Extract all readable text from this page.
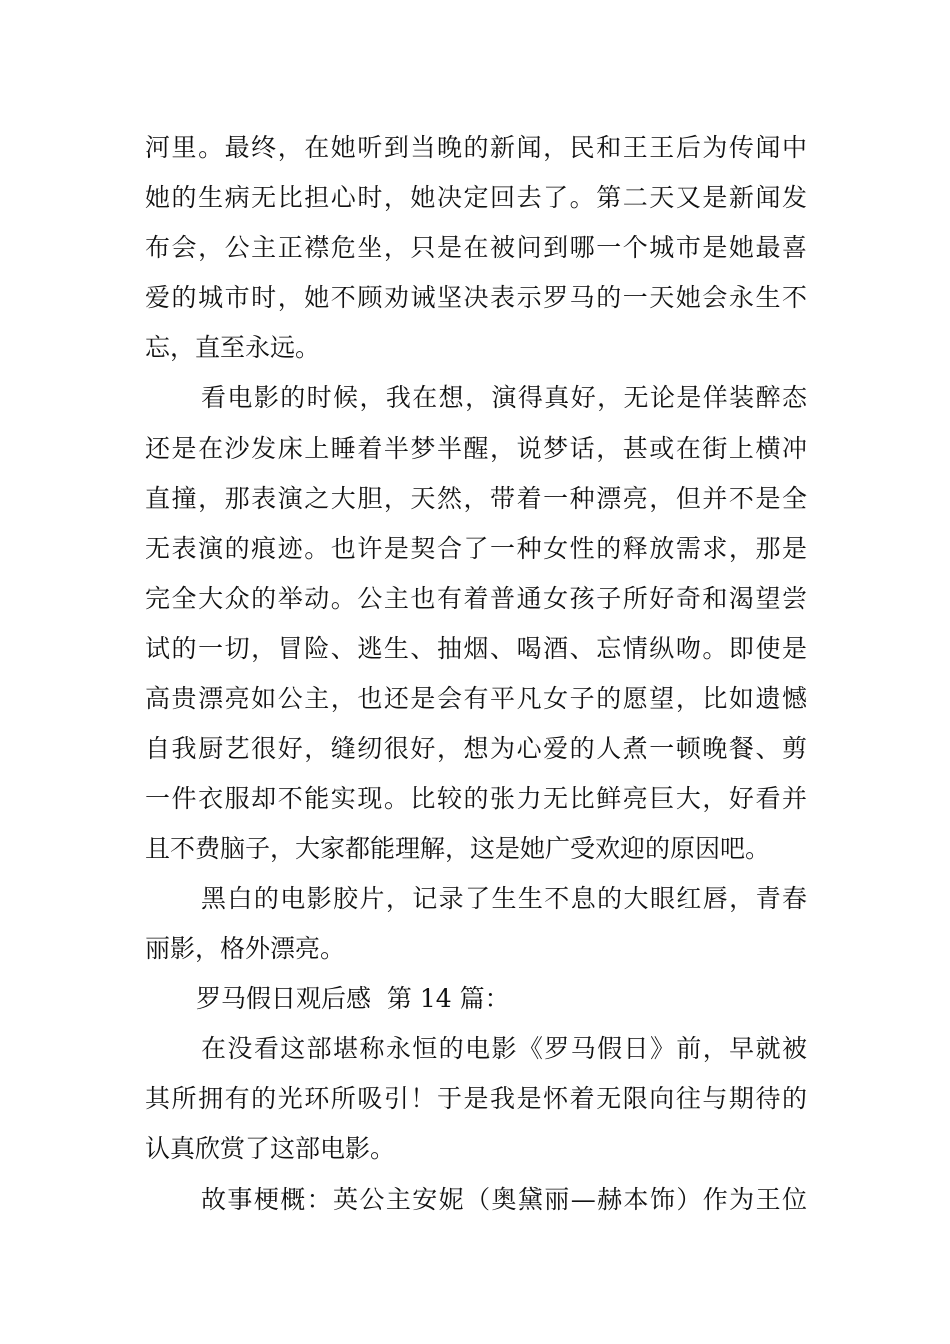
河里。最终，在她听到当晚的新闻，民和王王后为传闻中
她的生病无比担心时，她决定回去了。第二天又是新闻发
布会，公主正襟危坐，只是在被问到哪一个城市是她最喜
爱的城市时，她不顾劝诫坚决表示罗马的一天她会永生不
忘，直至永远。
看电影的时候，我在想，演得真好，无论是佯装醉态
还是在沙发床上睡着半梦半醒，说梦话，甚或在街上横冲
直撞，那表演之大胆，天然，带着一种漂亮，但并不是全
无表演的痕迹。也许是契合了一种女性的释放需求，那是
完全大众的举动。公主也有着普通女孩子所好奇和渴望尝
试的一切，冒险、逃生、抽烟、喝酒、忘情纵吻。即使是
高贵漂亮如公主，也还是会有平凡女子的愿望，比如遗憾
自我厨艺很好，缝纫很好，想为心爱的人煮一顿晚餐、剪
一件衣服却不能实现。比较的张力无比鲜亮巨大，好看并
且不费脑子，大家都能理解，这是她广受欢迎的原因吧。
黑白的电影胶片，记录了生生不息的大眼红唇，青春
丽影，格外漂亮。
罗马假日观后感  第 14 篇：
在没看这部堪称永恒的电影《罗马假日》前，早就被
其所拥有的光环所吸引！于是我是怀着无限向往与期待的
认真欣赏了这部电影。
故事梗概：英公主安妮（奥黛丽—赫本饰）作为王位
